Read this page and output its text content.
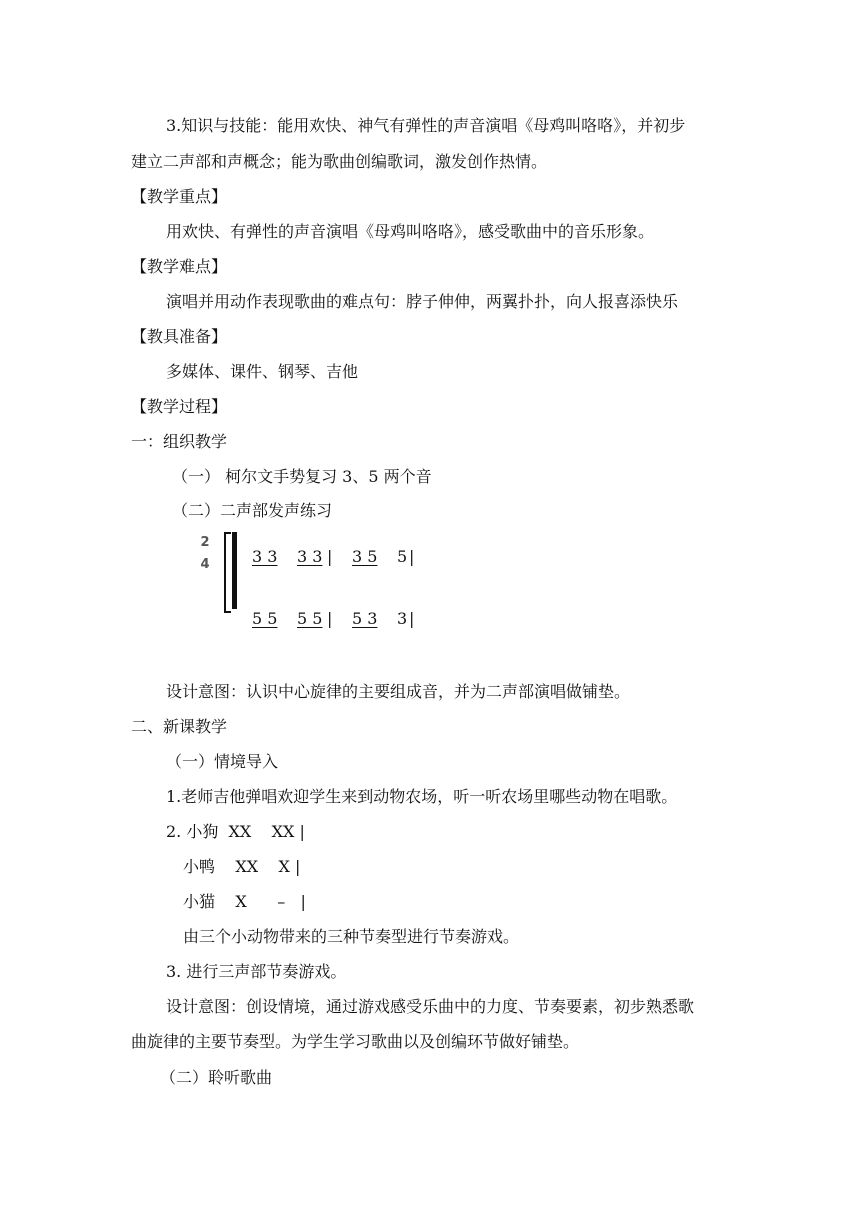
3.知识与技能：能用欢快、神气有弹性的声音演唱《母鸡叫咯咯》，并初步
建立二声部和声概念；能为歌曲创编歌词，激发创作热情。
【教学重点】
用欢快、有弹性的声音演唱《母鸡叫咯咯》，感受歌曲中的音乐形象。
【教学难点】
演唱并用动作表现歌曲的难点句：脖子伸伸，两翼扑扑，向人报喜添快乐
【教具准备】
多媒体、课件、钢琴、吉他
【教学过程】
一：组织教学
（一） 柯尔文手势复习 3、5 两个音
（二）二声部发声练习
2
4	3 3 3 3 | 3 5 5 |
5 5 5 5 | 5 3 3 |
设计意图：认识中心旋律的主要组成音，并为二声部演唱做铺垫。
二、新课教学
（一）情境导入
1.老师吉他弹唱欢迎学生来到动物农场，听一听农场里哪些动物在唱歌。
2. 小狗  XX    XX |
小鸭    XX    X |
小猫    X      –   |
由三个小动物带来的三种节奏型进行节奏游戏。
3. 进行三声部节奏游戏。
设计意图：创设情境，通过游戏感受乐曲中的力度、节奏要素，初步熟悉歌
曲旋律的主要节奏型。为学生学习歌曲以及创编环节做好铺垫。
（二）聆听歌曲
